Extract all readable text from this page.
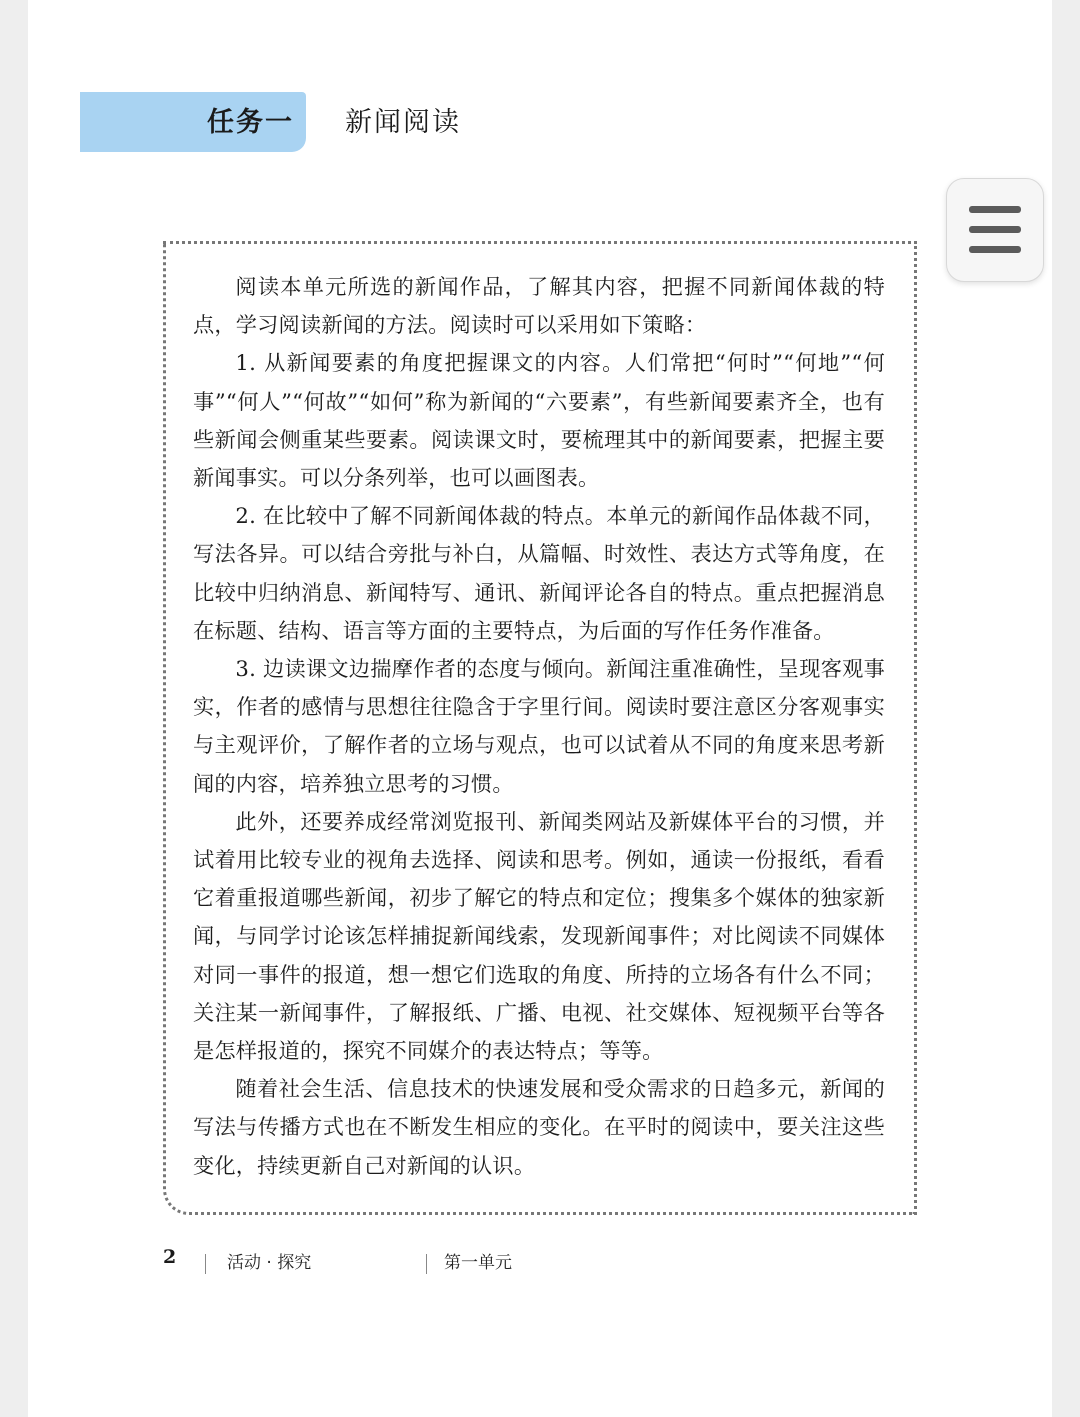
任务一 新闻阅读

阅读本单元所选的新闻作品，了解其内容，把握不同新闻体裁的特点，学习阅读新闻的方法。阅读时可以采用如下策略：

1. 从新闻要素的角度把握课文的内容。人们常把“何时”“何地”“何事”“何人”“何故”“如何”称为新闻的“六要素”，有些新闻要素齐全，也有些新闻会侧重某些要素。阅读课文时，要梳理其中的新闻要素，把握主要新闻事实。可以分条列举，也可以画图表。

2. 在比较中了解不同新闻体裁的特点。本单元的新闻作品体裁不同，写法各异。可以结合旁批与补白，从篇幅、时效性、表达方式等角度，在比较中归纳消息、新闻特写、通讯、新闻评论各自的特点。重点把握消息在标题、结构、语言等方面的主要特点，为后面的写作任务作准备。

3. 边读课文边揣摩作者的态度与倾向。新闻注重准确性，呈现客观事实，作者的感情与思想往往隐含于字里行间。阅读时要注意区分客观事实与主观评价，了解作者的立场与观点，也可以试着从不同的角度来思考新闻的内容，培养独立思考的习惯。

此外，还要养成经常浏览报刊、新闻类网站及新媒体平台的习惯，并试着用比较专业的视角去选择、阅读和思考。例如，通读一份报纸，看看它着重报道哪些新闻，初步了解它的特点和定位；搜集多个媒体的独家新闻，与同学讨论该怎样捕捉新闻线索，发现新闻事件；对比阅读不同媒体对同一事件的报道，想一想它们选取的角度、所持的立场各有什么不同；关注某一新闻事件，了解报纸、广播、电视、社交媒体、短视频平台等各是怎样报道的，探究不同媒介的表达特点；等等。

随着社会生活、信息技术的快速发展和受众需求的日趋多元，新闻的写法与传播方式也在不断发生相应的变化。在平时的阅读中，要关注这些变化，持续更新自己对新闻的认识。

2	活动 · 探究	第一单元
